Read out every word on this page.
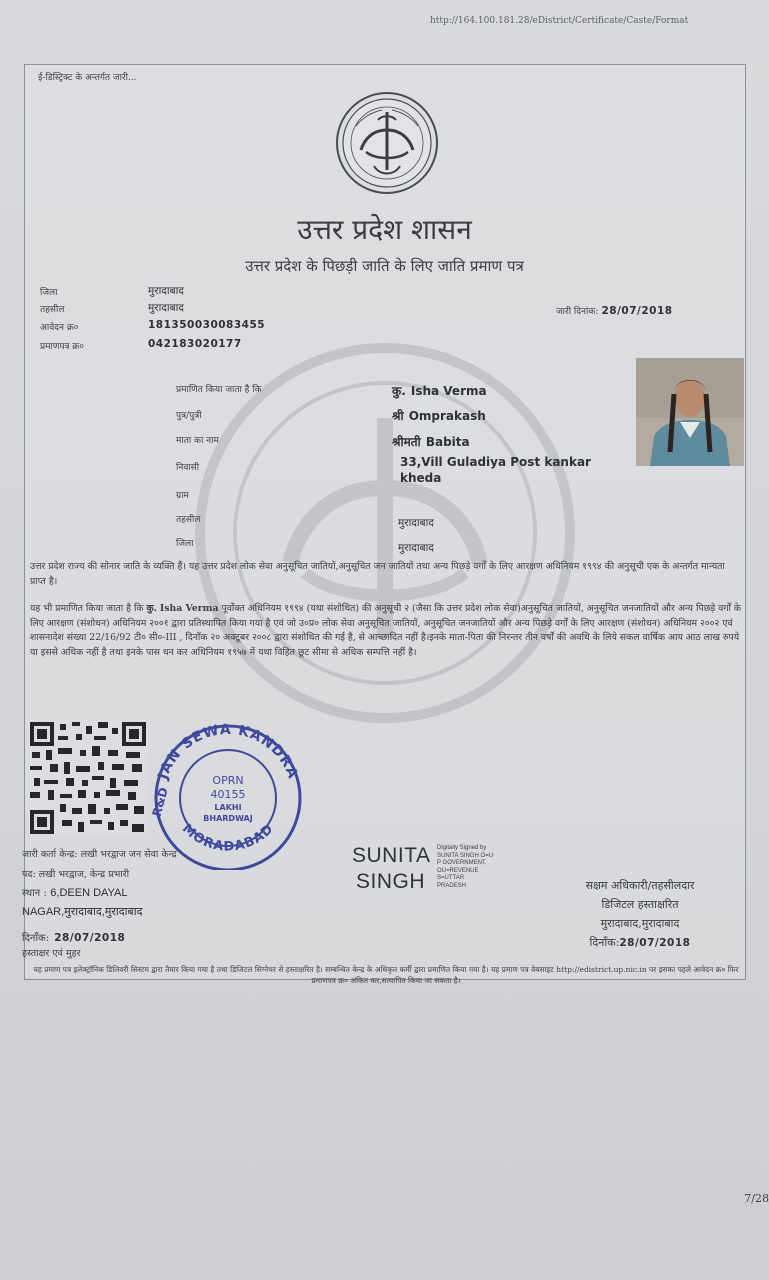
http://164.100.181.28/eDistrict/Certificate/Caste/Format
ई-डिस्ट्रिक्ट के अन्तर्गत जारी...
उत्तर प्रदेश शासन
उत्तर प्रदेश के पिछड़ी जाति के लिए जाति प्रमाण पत्र
जिला	मुरादाबाद
तहसील	मुरादाबाद
आवेदन क्र०	181350030083455
प्रमाणपत्र क्र०	042183020177
जारी दिनांक: 28/07/2018
प्रमाणित किया जाता है कि	कु. Isha Verma
पुत्र/पुत्री	श्री Omprakash
माता का नाम	श्रीमती Babita
निवासी	33,Vill Guladiya Post kankar kheda
ग्राम
तहसील	मुरादाबाद
जिला	मुरादाबाद
उत्तर प्रदेश राज्य की सोनार जाति के व्यक्ति हैं। यह उत्तर प्रदेश लोक सेवा अनुसूचित जातियों,अनुसूचित जन जातियों तथा अन्य पिछड़े वर्गों के लिए आरक्षण अधिनियम १९९४ की अनुसूची एक के अन्तर्गत मान्यता प्राप्त है।
यह भी प्रमाणित किया जाता है कि कु. Isha Verma पूर्वोक्त अधिनियम १९९४ (यथा संशोधित) की अनुसूची २ (जैसा कि उत्तर प्रदेश लोक सेवा)अनुसूचित जातियों, अनुसूचित जनजातियों और अन्य पिछड़े वर्गों के लिए आरक्षण (संशोधन) अधिनियम २००१ द्वारा प्रतिस्थापित किया गया है एवं जो उ०प्र० लोक सेवा अनुसूचित जातियों, अनुसूचित जनजातियों और अन्य पिछड़े वर्गों के लिए आरक्षण (संशोधन) अधिनियम २००२ एवं शासनादेश संख्या 22/16/92 टी० सी०-III , दिनाँक २० अक्टूबर २००८ द्वारा संशोधित की गई है, से आच्छादित नहीं है।इनके माता-पिता की निरन्तर तीन वर्षों की अवधि के लिये सकल वार्षिक आय आठ लाख रुपये या इससे अधिक नहीं है तथा इनके पास धन कर अधिनियम १९५७ में यथा विहित छूट सीमा से अधिक सम्पत्ति नहीं है।
JAN SEWA KANDRA
MORADABAD
R&D
OPRN
40155
LAKHI BHARDWAJ
जारी कर्ता केन्द्र: लखी भरद्वाज जन सेवा केन्द्र
पद: लखी भरद्वाज, केन्द्र प्रभारी
स्थान : 6,DEEN DAYAL
NAGAR,मुरादाबाद,मुरादाबाद
दिनाँक: 28/07/2018
हस्ताक्षर एवं मुहर
SUNITA
SINGH
Digitally Signed by
SUNITA SINGH O=U
P GOVERNMENT,
OU=REVENUE
S=UTTAR
PRADESH	सक्षम अधिकारी/तहसीलदार
डिजिटल हस्ताक्षरित
मुरादाबाद,मुरादाबाद
दिनाँक:28/07/2018
यह प्रमाण पत्र इलेक्ट्रॉनिक डिलिवरी सिस्टम द्वारा तैयार किया गया है तथा डिजिटल सिग्नेचर से हस्ताक्षरित है। सम्बन्धित केन्द्र के अधिकृत कर्मी द्वारा प्रमाणित किया गया है। यह प्रमाण पत्र वेबसाइट http://edistrict.up.nic.in पर इसका पहले आवेदन क्र० फिर प्रमाणपत्र क्र० अंकित कर,सत्यापित किया जा सकता है।
7/28
